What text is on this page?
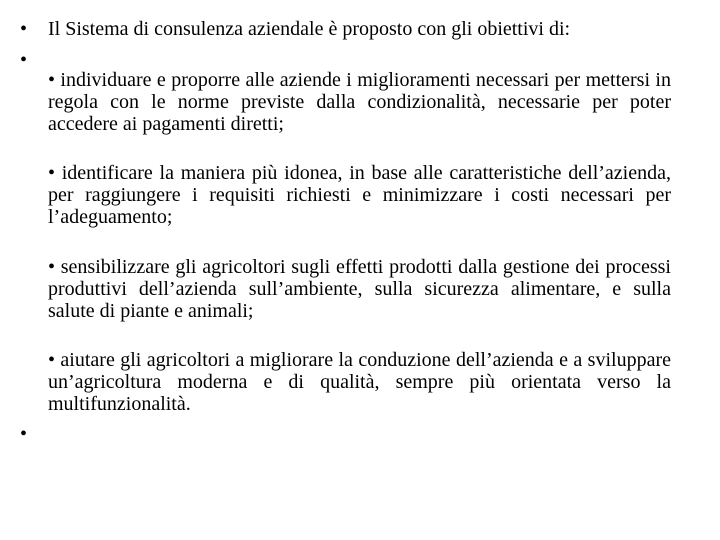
• Il Sistema di consulenza aziendale è proposto con gli obiettivi di:
•

• individuare e proporre alle aziende i miglioramenti necessari per mettersi in regola con le norme previste dalla condizionalità, necessarie per poter accedere ai pagamenti diretti;

• identificare la maniera più idonea, in base alle caratteristiche dell’azienda, per raggiungere i requisiti richiesti e minimizzare i costi necessari per l’adeguamento;

• sensibilizzare gli agricoltori sugli effetti prodotti dalla gestione dei processi produttivi dell’azienda sull’ambiente, sulla sicurezza alimentare, e sulla salute di piante e animali;

• aiutare gli agricoltori a migliorare la conduzione dell’azienda e a sviluppare un’agricoltura moderna e di qualità, sempre più orientata verso la multifunzionalità.

•
